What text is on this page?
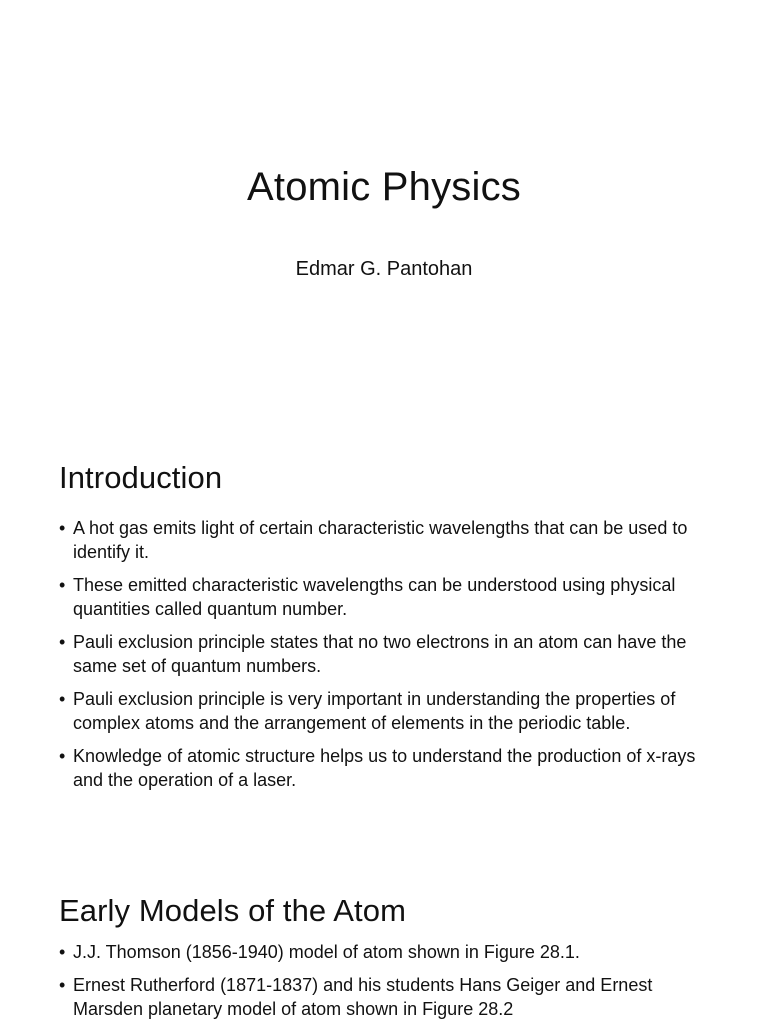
Atomic Physics

Edmar G. Pantohan

Introduction
• A hot gas emits light of certain characteristic wavelengths that can be used to identify it.
• These emitted characteristic wavelengths can be understood using physical quantities called quantum number.
• Pauli exclusion principle states that no two electrons in an atom can have the same set of quantum numbers.
• Pauli exclusion principle is very important in understanding the properties of complex atoms and the arrangement of elements in the periodic table.
• Knowledge of atomic structure helps us to understand the production of x-rays and the operation of a laser.
Early Models of the Atom
• J.J. Thomson (1856-1940) model of atom shown in Figure 28.1.
• Ernest Rutherford (1871-1837) and his students Hans Geiger and Ernest Marsden planetary model of atom shown in Figure 28.2
